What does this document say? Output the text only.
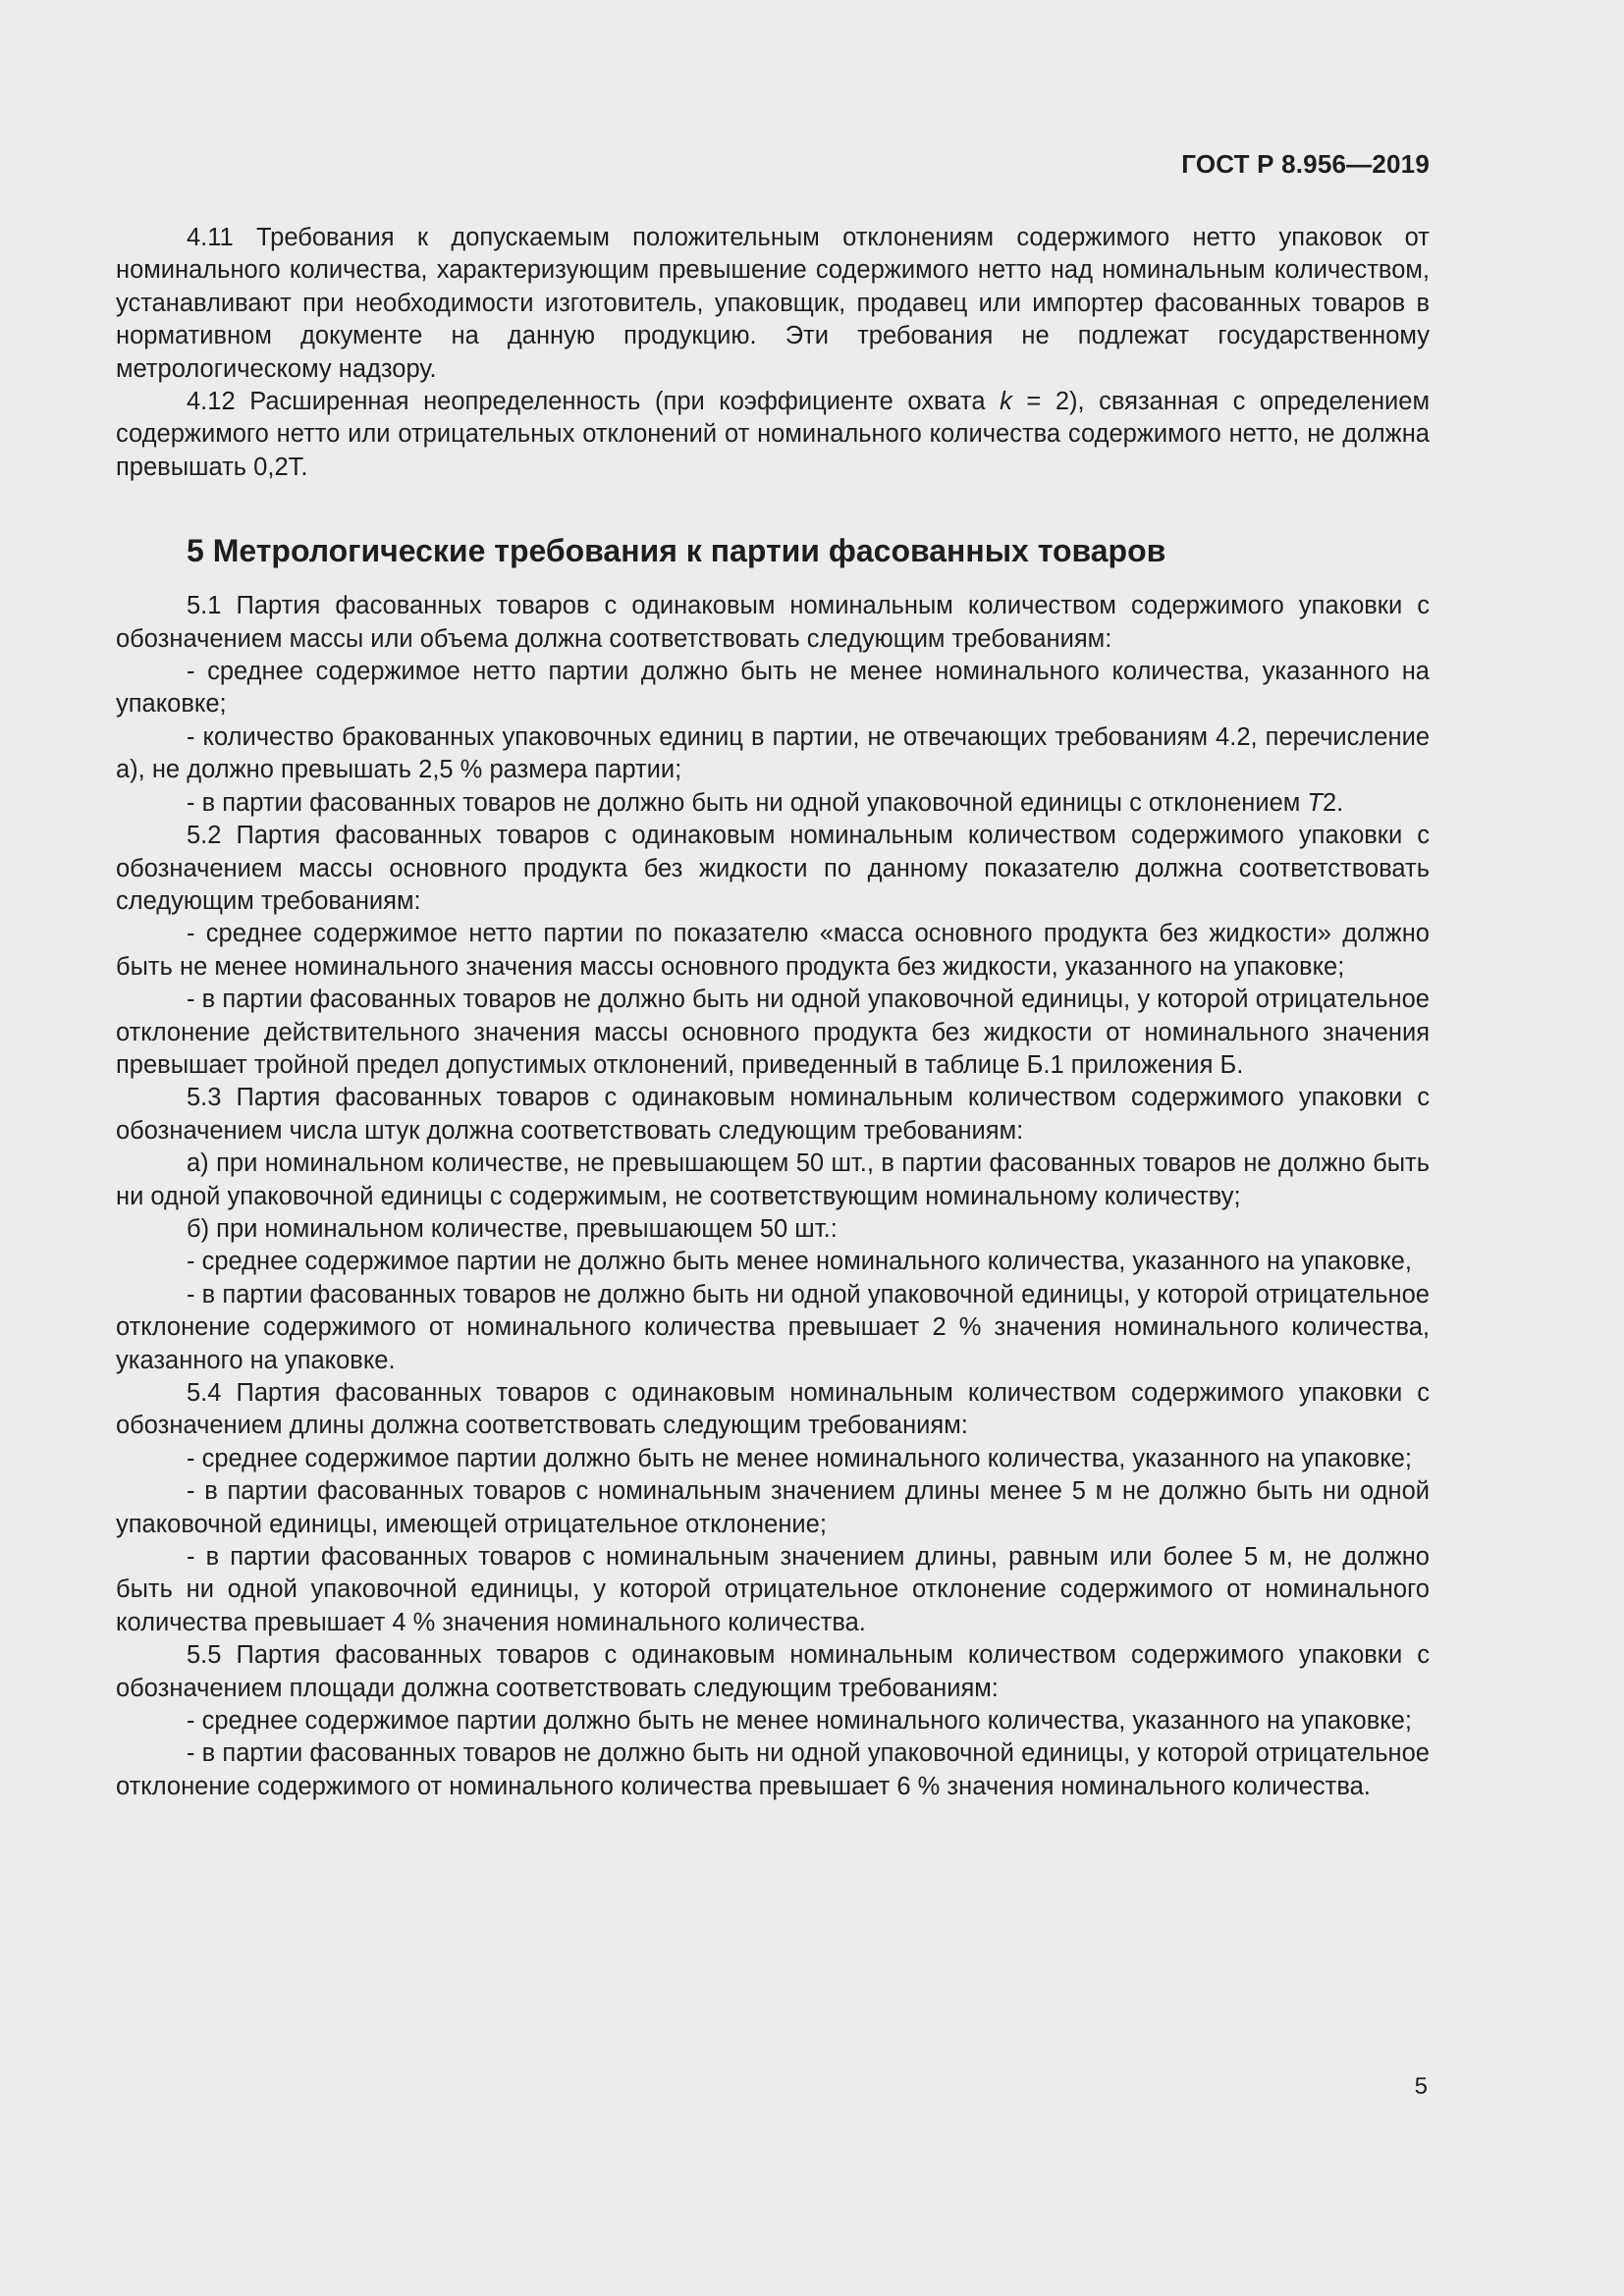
ГОСТ Р 8.956—2019

4.11 Требования к допускаемым положительным отклонениям содержимого нетто упаковок от номинального количества, характеризующим превышение содержимого нетто над номинальным количеством, устанавливают при необходимости изготовитель, упаковщик, продавец или импортер фасованных товаров в нормативном документе на данную продукцию. Эти требования не подлежат государственному метрологическому надзору.

4.12 Расширенная неопределенность (при коэффициенте охвата k = 2), связанная с определением содержимого нетто или отрицательных отклонений от номинального количества содержимого нетто, не должна превышать 0,2Т.

5 Метрологические требования к партии фасованных товаров

5.1 Партия фасованных товаров с одинаковым номинальным количеством содержимого упаковки с обозначением массы или объема должна соответствовать следующим требованиям:

- среднее содержимое нетто партии должно быть не менее номинального количества, указанного на упаковке;

- количество бракованных упаковочных единиц в партии, не отвечающих требованиям 4.2, перечисление а), не должно превышать 2,5 % размера партии;

- в партии фасованных товаров не должно быть ни одной упаковочной единицы с отклонением T2.

5.2 Партия фасованных товаров с одинаковым номинальным количеством содержимого упаковки с обозначением массы основного продукта без жидкости по данному показателю должна соответствовать следующим требованиям:

- среднее содержимое нетто партии по показателю «масса основного продукта без жидкости» должно быть не менее номинального значения массы основного продукта без жидкости, указанного на упаковке;

- в партии фасованных товаров не должно быть ни одной упаковочной единицы, у которой отрицательное отклонение действительного значения массы основного продукта без жидкости от номинального значения превышает тройной предел допустимых отклонений, приведенный в таблице Б.1 приложения Б.

5.3 Партия фасованных товаров с одинаковым номинальным количеством содержимого упаковки с обозначением числа штук должна соответствовать следующим требованиям:

а) при номинальном количестве, не превышающем 50 шт., в партии фасованных товаров не должно быть ни одной упаковочной единицы с содержимым, не соответствующим номинальному количеству;

б) при номинальном количестве, превышающем 50 шт.:

- среднее содержимое партии не должно быть менее номинального количества, указанного на упаковке,

- в партии фасованных товаров не должно быть ни одной упаковочной единицы, у которой отрицательное отклонение содержимого от номинального количества превышает 2 % значения номинального количества, указанного на упаковке.

5.4 Партия фасованных товаров с одинаковым номинальным количеством содержимого упаковки с обозначением длины должна соответствовать следующим требованиям:

- среднее содержимое партии должно быть не менее номинального количества, указанного на упаковке;

- в партии фасованных товаров с номинальным значением длины менее 5 м не должно быть ни одной упаковочной единицы, имеющей отрицательное отклонение;

- в партии фасованных товаров с номинальным значением длины, равным или более 5 м, не должно быть ни одной упаковочной единицы, у которой отрицательное отклонение содержимого от номинального количества превышает 4 % значения номинального количества.

5.5 Партия фасованных товаров с одинаковым номинальным количеством содержимого упаковки с обозначением площади должна соответствовать следующим требованиям:

- среднее содержимое партии должно быть не менее номинального количества, указанного на упаковке;

- в партии фасованных товаров не должно быть ни одной упаковочной единицы, у которой отрицательное отклонение содержимого от номинального количества превышает 6 % значения номинального количества.

5
